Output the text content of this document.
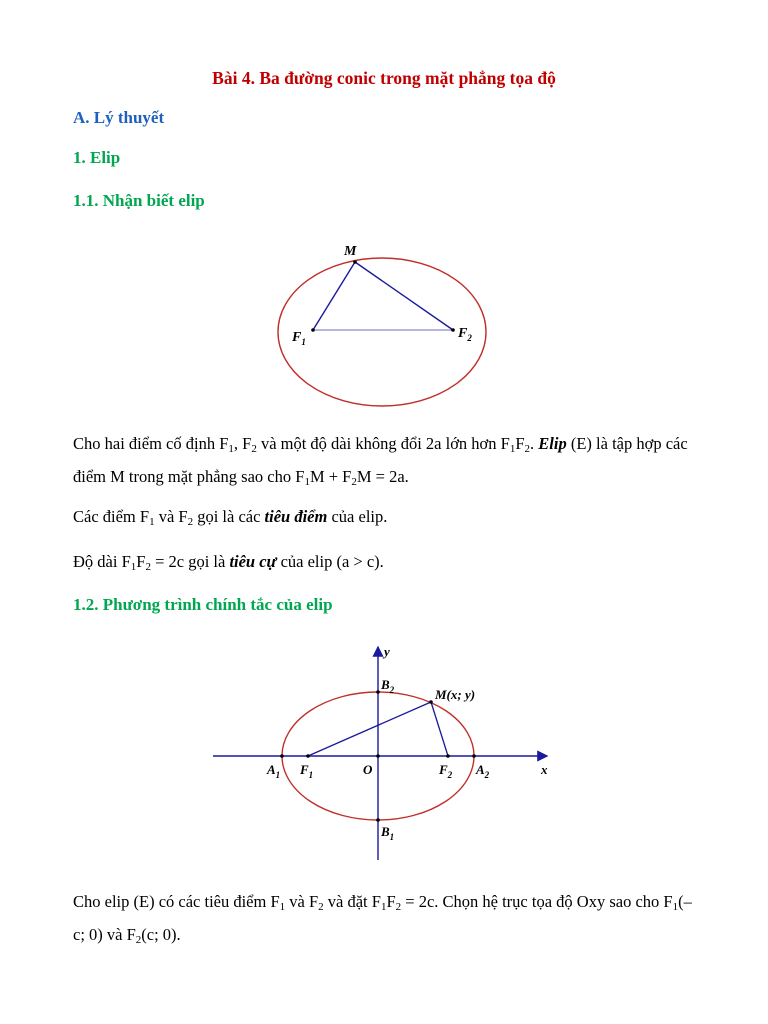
Bài 4. Ba đường conic trong mặt phẳng tọa độ
A. Lý thuyết
1. Elip
1.1. Nhận biết elip
M
$F_1$
$F_2$
Cho hai điểm cố định $F_1$, $F_2$ và một độ dài không đổi 2a lớn hơn $F_1F_2$. Elip (E) là tập hợp các điểm M trong mặt phẳng sao cho $F_1M + F_2M = 2a$.
Các điểm $F_1$ và $F_2$ gọi là các tiêu điểm của elip.
Độ dài $F_1F_2 = 2c$ gọi là tiêu cự của elip (a > c).
1.2. Phương trình chính tắc của elip
y
x
O
$B_2$
$B_1$
$A_1$ $F_1$	$F_2$ $A_2$
M(x; y)
Cho elip (E) có các tiêu điểm $F_1$ và $F_2$ và đặt $F_1F_2 = 2c$. Chọn hệ trục tọa độ Oxy sao cho $F_1(-c$; 0) và $F_2(c$; 0).
